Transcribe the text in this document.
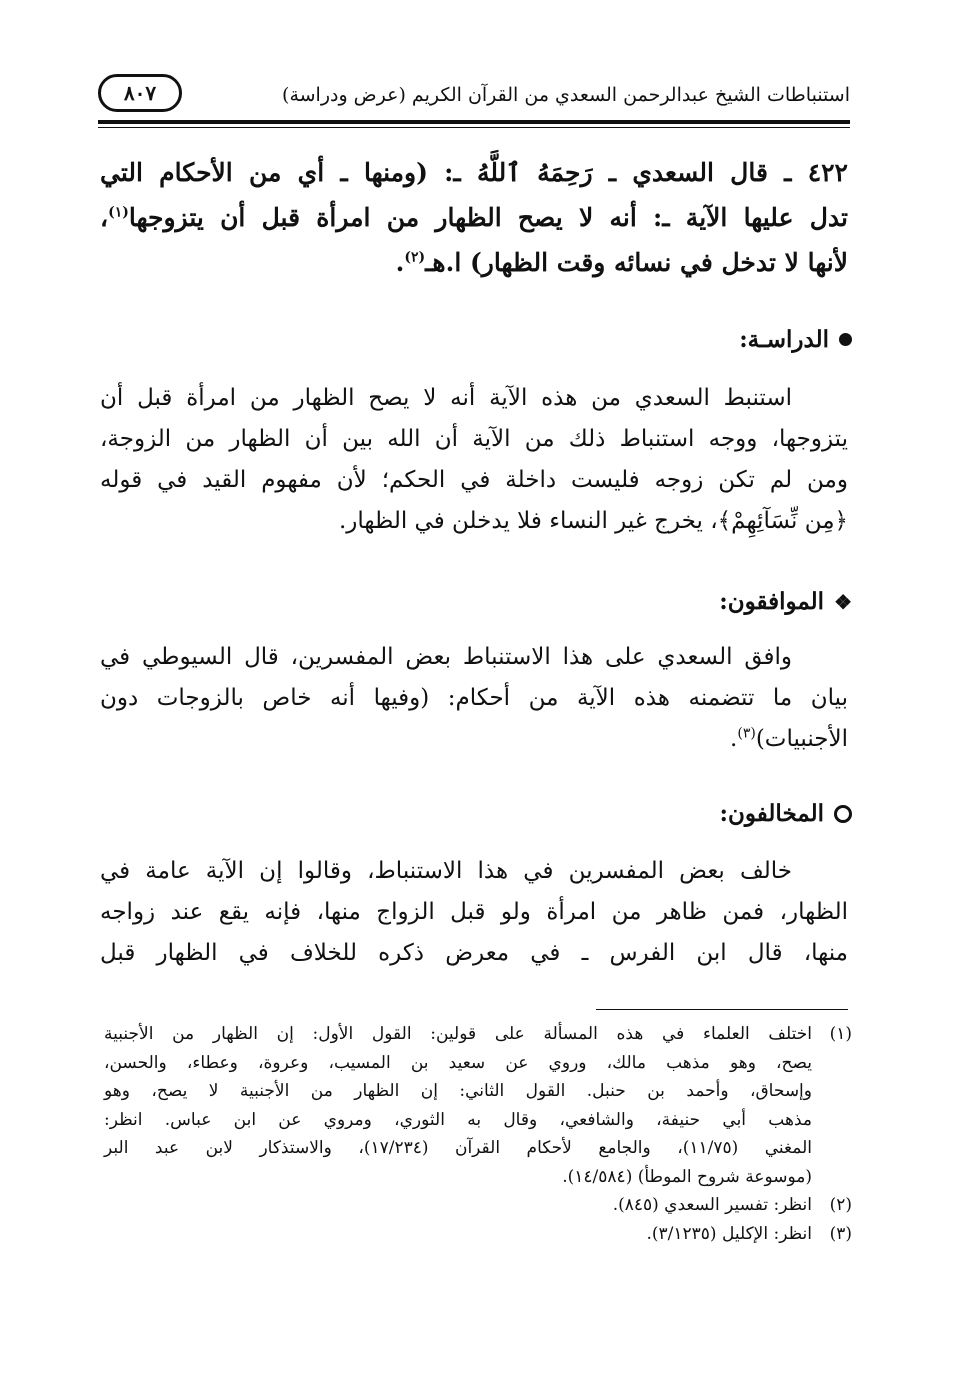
استنباطات الشيخ عبدالرحمن السعدي من القرآن الكريم (عرض ودراسة)
٨٠٧
٤٢٢ ـ قال السعدي ـ رَحِمَهُ ٱللَّهُ ـ: (ومنها ـ أي من الأحكام التي
تدل عليها الآية ـ: أنه لا يصح الظهار من امرأة قبل أن يتزوجها$^{(١)}$،
لأنها لا تدخل في نسائه وقت الظهار) ا.هـ$^{(٢)}$.
الدراسـة:
استنبط السعدي من هذه الآية أنه لا يصح الظهار من امرأة قبل أن
يتزوجها، ووجه استنباط ذلك من الآية أن الله بين أن الظهار من الزوجة،
ومن لم تكن زوجه فليست داخلة في الحكم؛ لأن مفهوم القيد في قوله
﴿مِن نِّسَآئِهِمْ﴾، يخرج غير النساء فلا يدخلن في الظهار.
❖
الموافقون:
وافق السعدي على هذا الاستنباط بعض المفسرين، قال السيوطي في
بيان ما تتضمنه هذه الآية من أحكام: (وفيها أنه خاص بالزوجات دون
الأجنبيات)$^{(٣)}$.
المخالفون:
خالف بعض المفسرين في هذا الاستنباط، وقالوا إن الآية عامة في
الظهار، فمن ظاهر من امرأة ولو قبل الزواج منها، فإنه يقع عند زواجه
منها، قال ابن الفرس ـ في معرض ذكره للخلاف في الظهار قبل
(١)
اختلف العلماء في هذه المسألة على قولين: القول الأول: إن الظهار من الأجنبية
يصح، وهو مذهب مالك، وروي عن سعيد بن المسيب، وعروة، وعطاء، والحسن،
وإسحاق، وأحمد بن حنبل. القول الثاني: إن الظهار من الأجنبية لا يصح، وهو
مذهب أبي حنيفة، والشافعي، وقال به الثوري، ومروي عن ابن عباس. انظر:
المغني (١١/٧٥)، والجامع لأحكام القرآن (١٧/٢٣٤)، والاستذكار لابن عبد البر
(موسوعة شروح الموطأ) (١٤/٥٨٤).
(٢)
انظر: تفسير السعدي (٨٤٥).
(٣)
انظر: الإكليل (٣/١٢٣٥).
